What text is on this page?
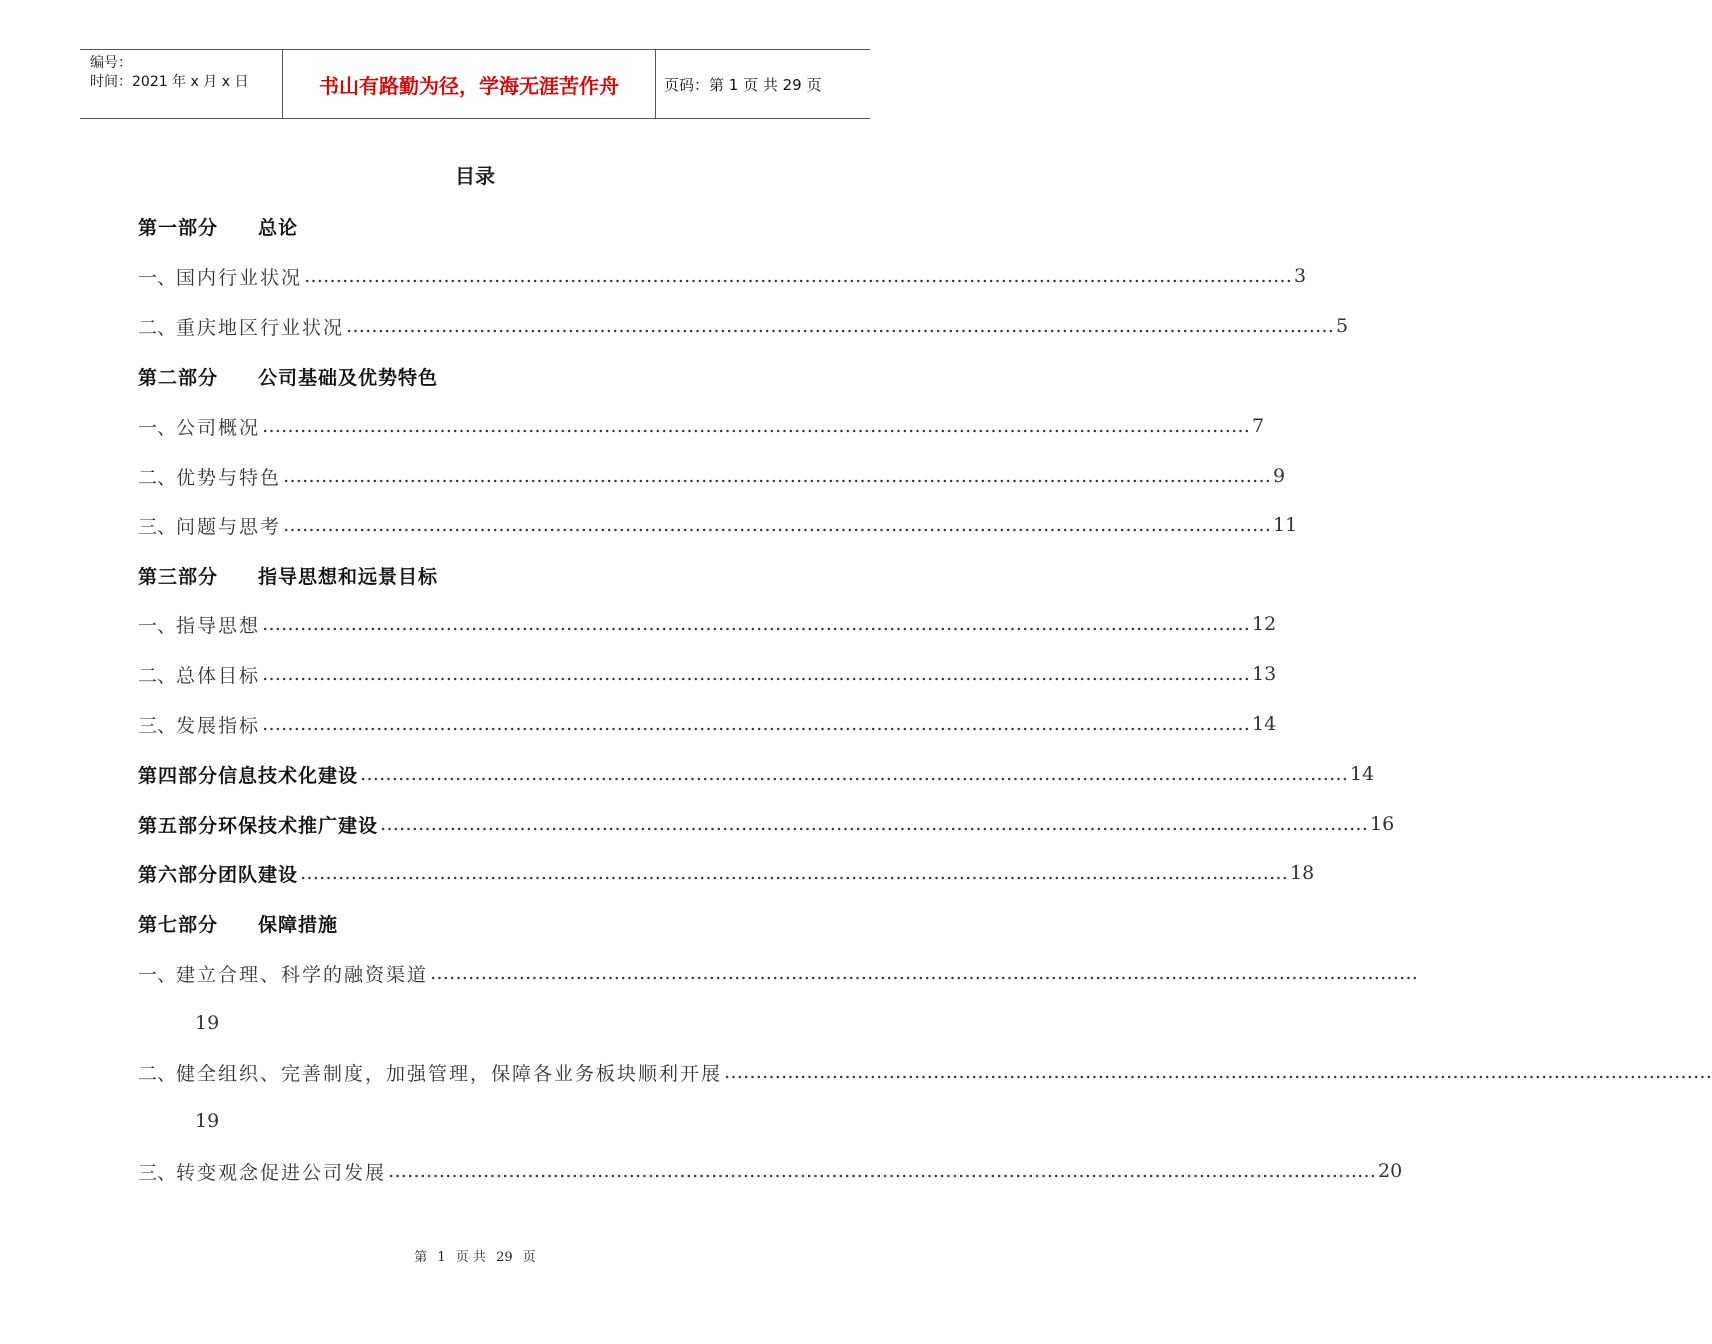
编号：
时间：2021 年 x 月 x 日	书山有路勤为径，学海无涯苦作舟	页码：第 1 页 共 29 页
目录
第一部分	总论
一、 国内行业状况 ………………………………………………………………………………………………………………………………………… 3
二、 重庆地区行业状况 ………………………………………………………………………………………………………………………………………… 5
第二部分	公司基础及优势特色
一、 公司概况 ………………………………………………………………………………………………………………………………………… 7
二、 优势与特色 ………………………………………………………………………………………………………………………………………… 9
三、 问题与思考 ………………………………………………………………………………………………………………………………………… 11
第三部分	指导思想和远景目标
一、 指导思想 ………………………………………………………………………………………………………………………………………… 12
二、 总体目标 ………………………………………………………………………………………………………………………………………… 13
三、 发展指标 ………………………………………………………………………………………………………………………………………… 14
第四部分 信息技术化建设 ………………………………………………………………………………………………………………………………………… 14
第五部分 环保技术推广建设 ………………………………………………………………………………………………………………………………………… 16
第六部分 团队建设 ………………………………………………………………………………………………………………………………………… 18
第七部分	保障措施
一、 建立合理、科学的融资渠道 …………………………………………………………………………………………………………………………………………
19
二、 健全组织、完善制度，加强管理，保障各业务板块顺利开展 …………………………………………………………………………………………………………………………………………
19
三、 转变观念促进公司发展 ………………………………………………………………………………………………………………………………………… 20
第 1 页 共 29 页
